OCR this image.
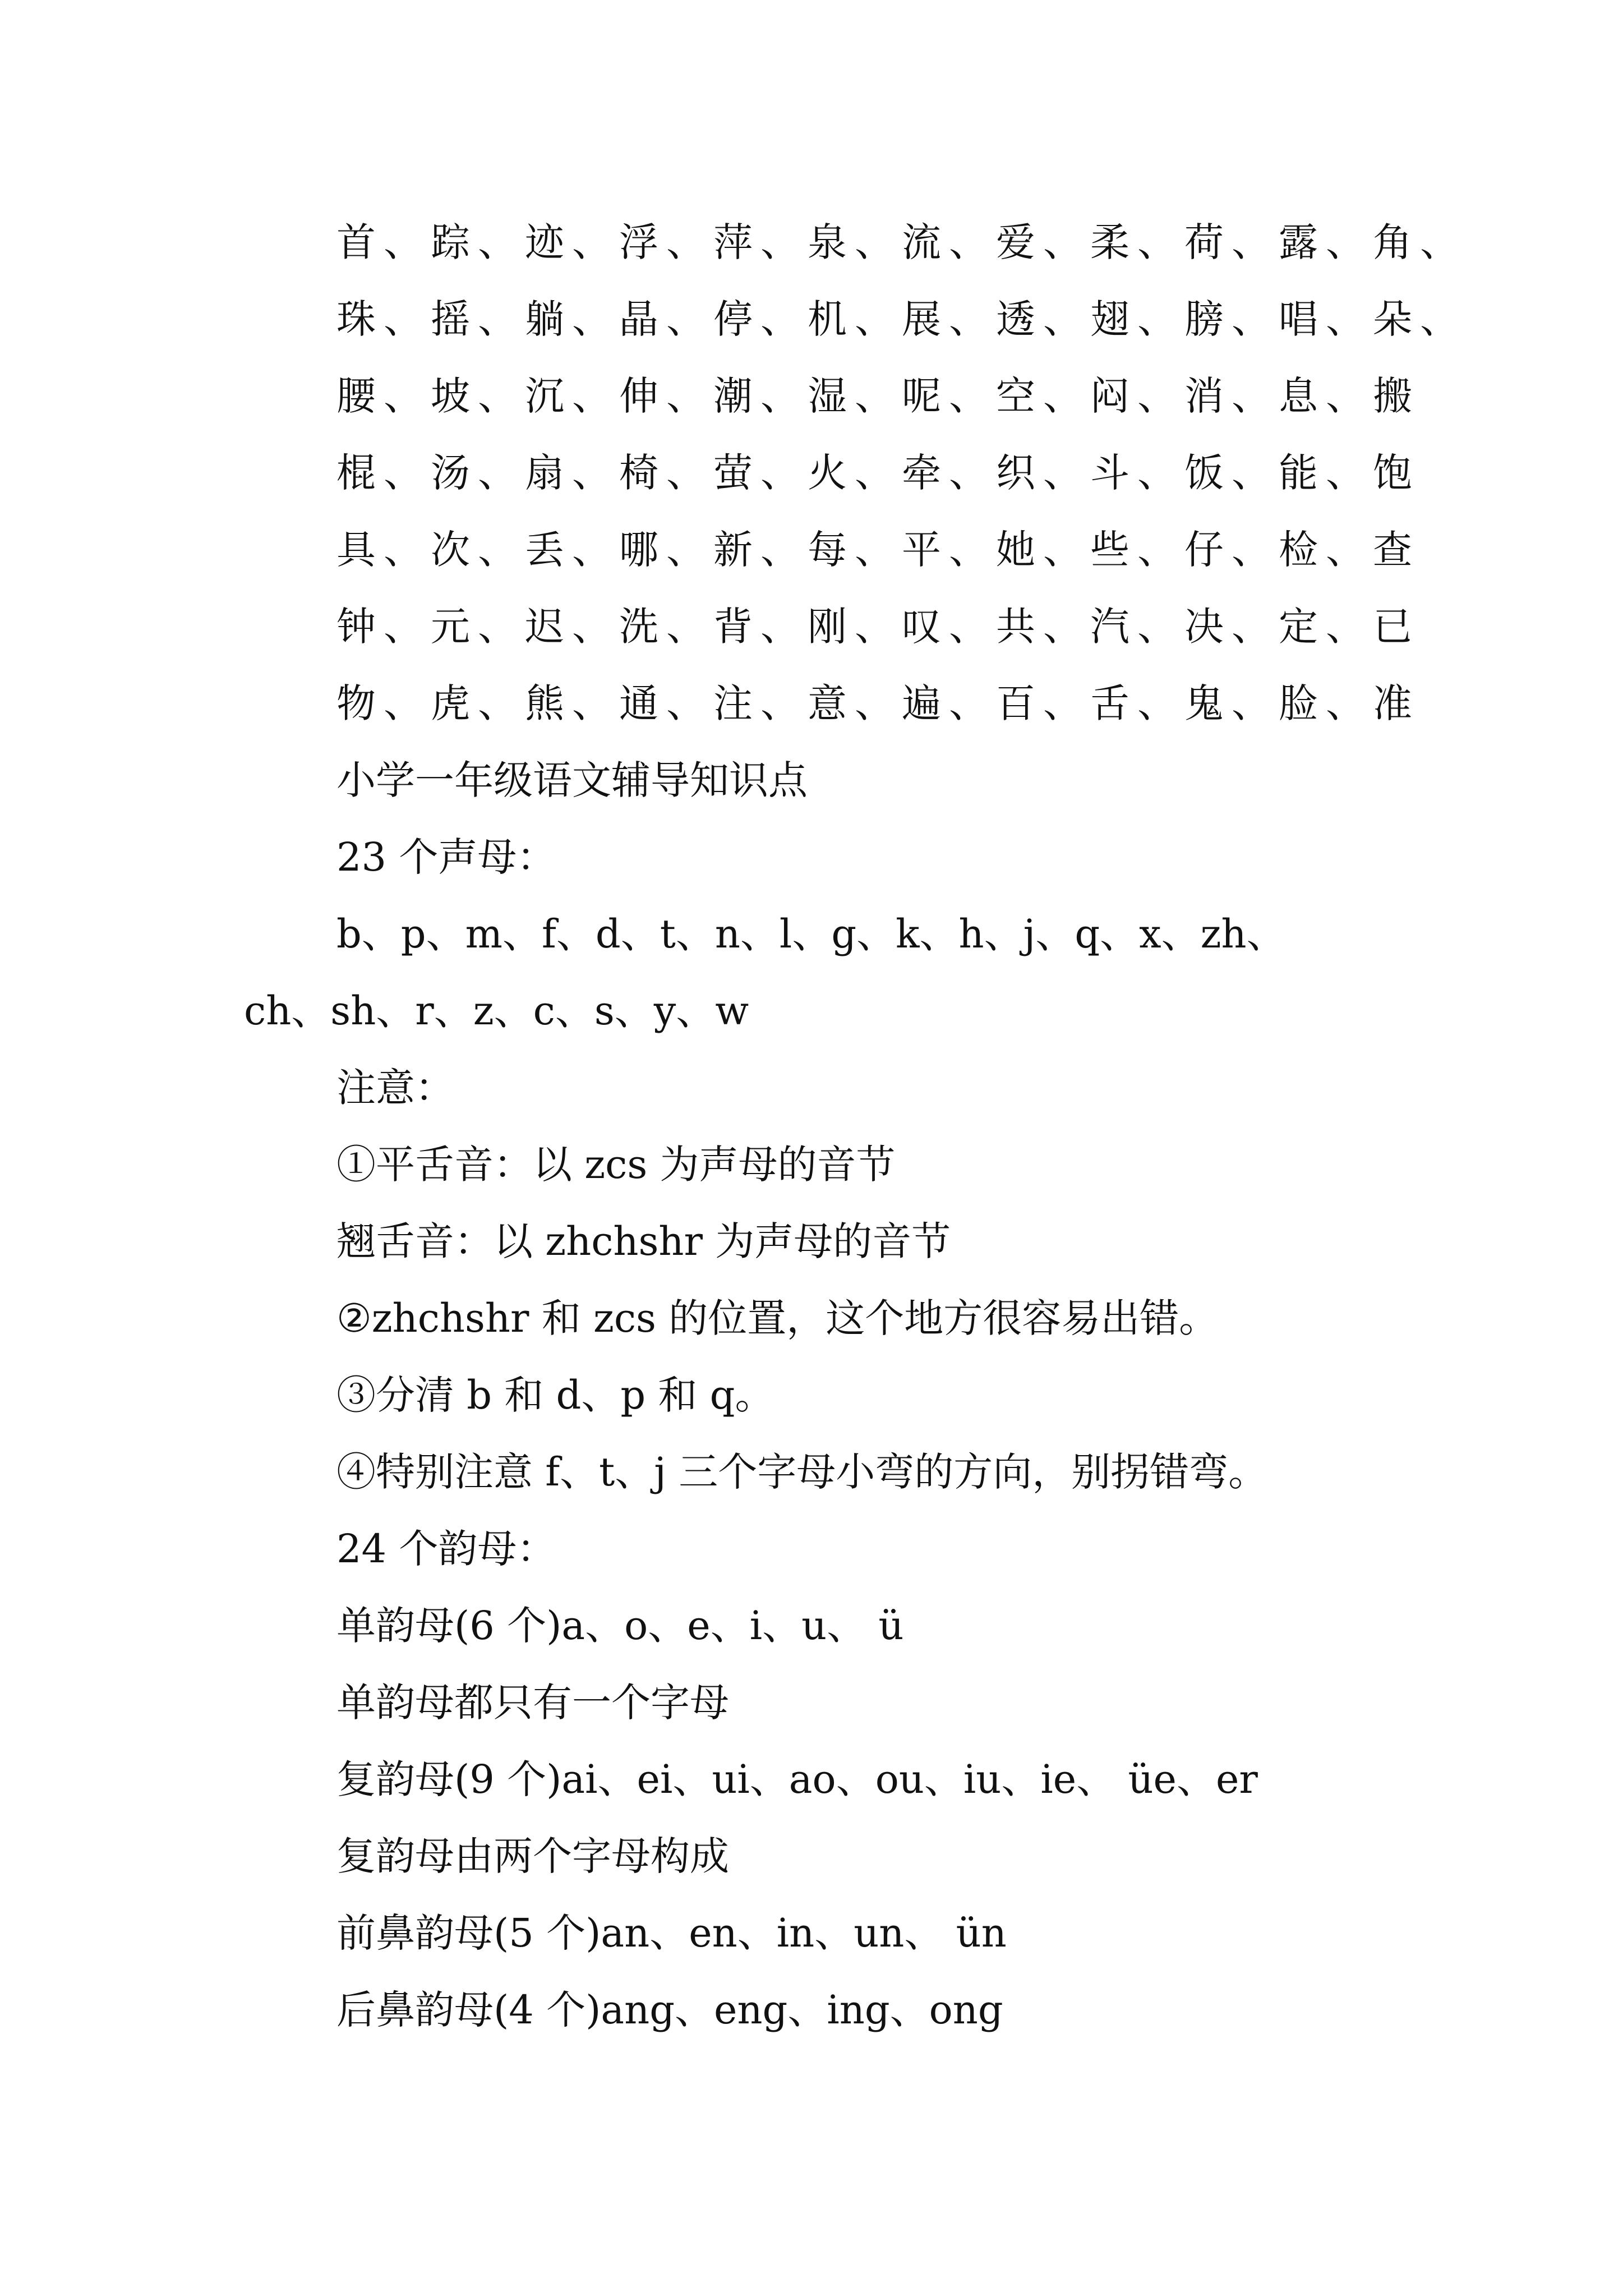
首、踪、迹、浮、萍、泉、流、爱、柔、荷、露、角、
珠、摇、躺、晶、停、机、展、透、翅、膀、唱、朵、
腰、坡、沉、伸、潮、湿、呢、空、闷、消、息、搬
棍、汤、扇、椅、萤、火、牵、织、斗、饭、能、饱
具、次、丢、哪、新、每、平、她、些、仔、检、查
钟、元、迟、洗、背、刚、叹、共、汽、决、定、已
物、虎、熊、通、注、意、遍、百、舌、鬼、脸、准
小学一年级语文辅导知识点
23 个声母：
b、p、m、f、d、t、n、l、g、k、h、j、q、x、zh、
ch、sh、r、z、c、s、y、w
注意：
①平舌音：以 zcs 为声母的音节
翘舌音：以 zhchshr 为声母的音节
②zhchshr 和 zcs 的位置，这个地方很容易出错。
③分清 b 和 d、p 和 q。
④特别注意 f、t、j 三个字母小弯的方向，别拐错弯。
24 个韵母：
单韵母(6 个)a、o、e、i、u、 ü
单韵母都只有一个字母
复韵母(9 个)ai、ei、ui、ao、ou、iu、ie、 üe、er
复韵母由两个字母构成
前鼻韵母(5 个)an、en、in、un、 ün
后鼻韵母(4 个)ang、eng、ing、ong
